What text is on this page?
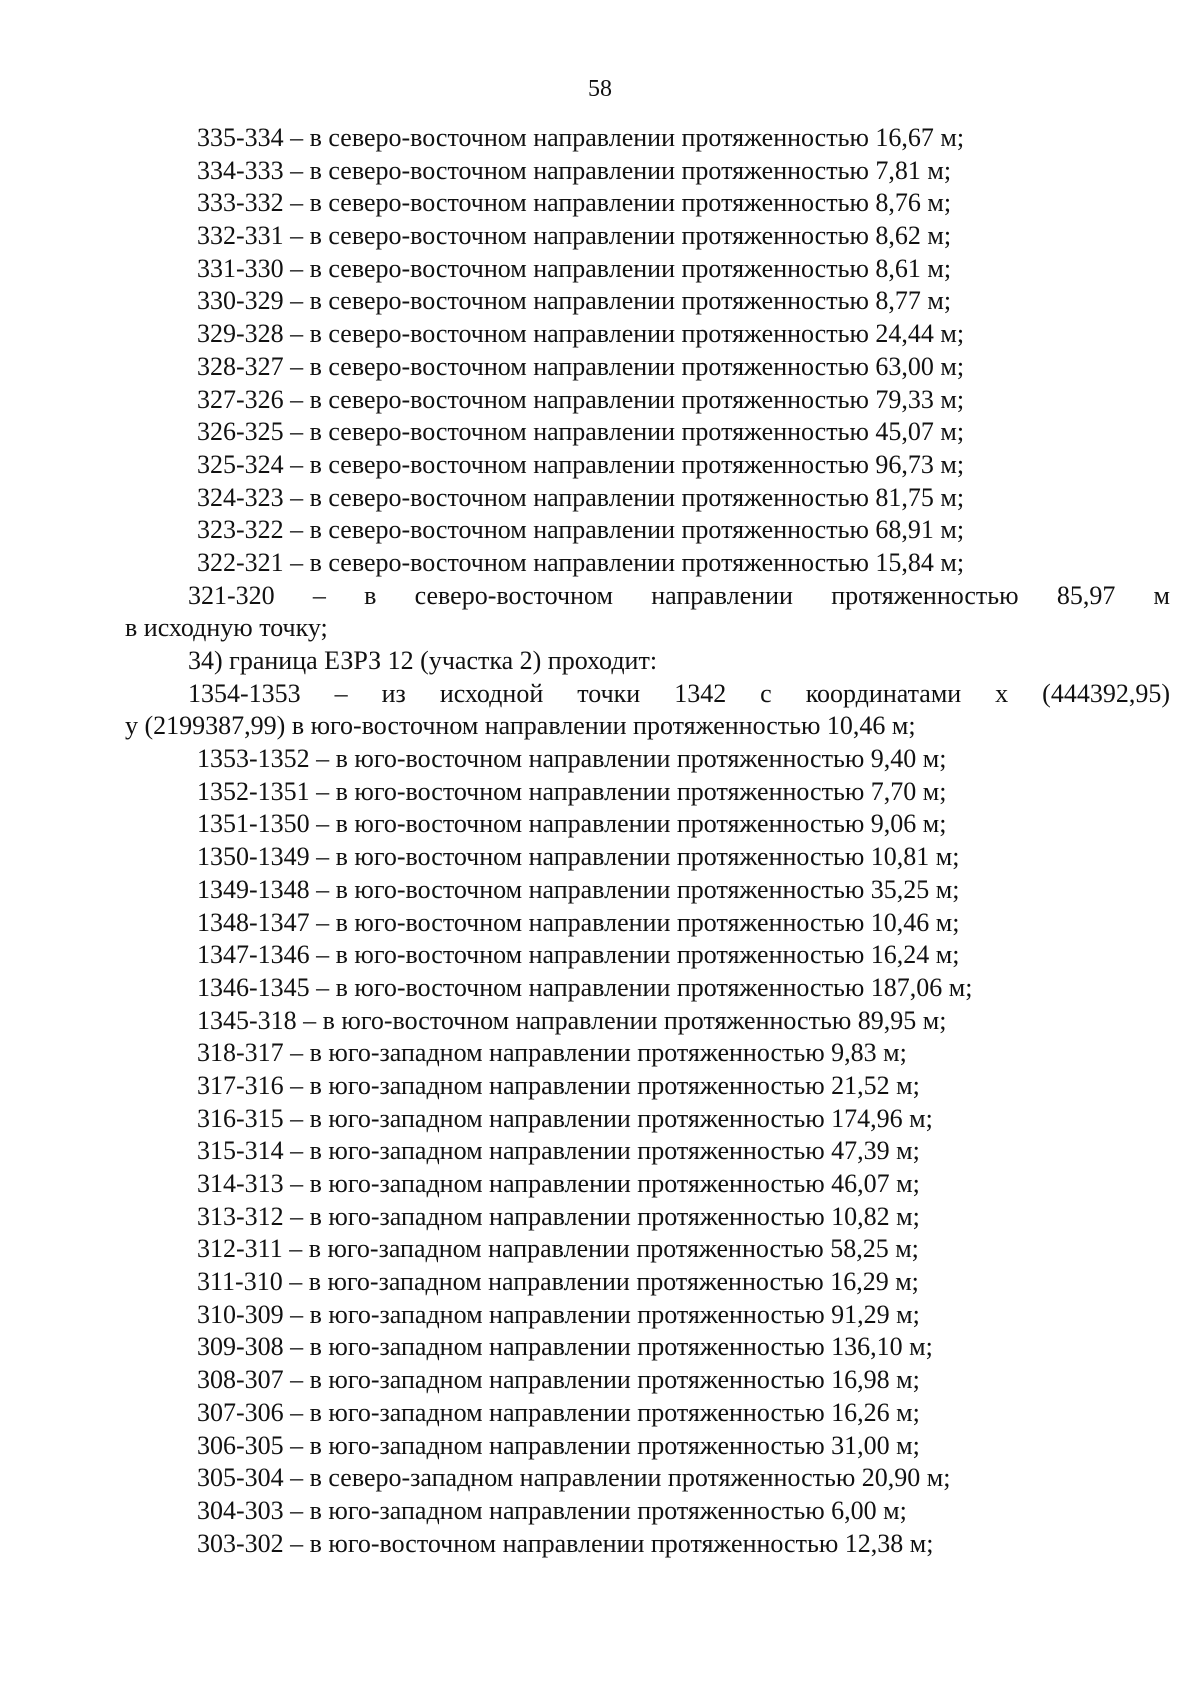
58
335-334 – в северо-восточном направлении протяженностью 16,67 м;
334-333 – в северо-восточном направлении протяженностью 7,81 м;
333-332 – в северо-восточном направлении протяженностью 8,76 м;
332-331 – в северо-восточном направлении протяженностью 8,62 м;
331-330 – в северо-восточном направлении протяженностью 8,61 м;
330-329 – в северо-восточном направлении протяженностью 8,77 м;
329-328 – в северо-восточном направлении протяженностью 24,44 м;
328-327 – в северо-восточном направлении протяженностью 63,00 м;
327-326 – в северо-восточном направлении протяженностью 79,33 м;
326-325 – в северо-восточном направлении протяженностью 45,07 м;
325-324 – в северо-восточном направлении протяженностью 96,73 м;
324-323 – в северо-восточном направлении протяженностью 81,75 м;
323-322 – в северо-восточном направлении протяженностью 68,91 м;
322-321 – в северо-восточном направлении протяженностью 15,84 м;
321-320 – в северо-восточном направлении протяженностью 85,97 м
в исходную точку;
34) граница ЕЗРЗ 12 (участка 2) проходит:
1354-1353 – из исходной точки 1342 с координатами x (444392,95)
у (2199387,99) в юго-восточном направлении протяженностью 10,46 м;
1353-1352 – в юго-восточном направлении протяженностью 9,40 м;
1352-1351 – в юго-восточном направлении протяженностью 7,70 м;
1351-1350 – в юго-восточном направлении протяженностью 9,06 м;
1350-1349 – в юго-восточном направлении протяженностью 10,81 м;
1349-1348 – в юго-восточном направлении протяженностью 35,25 м;
1348-1347 – в юго-восточном направлении протяженностью 10,46 м;
1347-1346 – в юго-восточном направлении протяженностью 16,24 м;
1346-1345 – в юго-восточном направлении протяженностью 187,06 м;
1345-318 – в юго-восточном направлении протяженностью 89,95 м;
318-317 – в юго-западном направлении протяженностью 9,83 м;
317-316 – в юго-западном направлении протяженностью 21,52 м;
316-315 – в юго-западном направлении протяженностью 174,96 м;
315-314 – в юго-западном направлении протяженностью 47,39 м;
314-313 – в юго-западном направлении протяженностью 46,07 м;
313-312 – в юго-западном направлении протяженностью 10,82 м;
312-311 – в юго-западном направлении протяженностью 58,25 м;
311-310 – в юго-западном направлении протяженностью 16,29 м;
310-309 – в юго-западном направлении протяженностью 91,29 м;
309-308 – в юго-западном направлении протяженностью 136,10 м;
308-307 – в юго-западном направлении протяженностью 16,98 м;
307-306 – в юго-западном направлении протяженностью 16,26 м;
306-305 – в юго-западном направлении протяженностью 31,00 м;
305-304 – в северо-западном направлении протяженностью 20,90 м;
304-303 – в юго-западном направлении протяженностью 6,00 м;
303-302 – в юго-восточном направлении протяженностью 12,38 м;
